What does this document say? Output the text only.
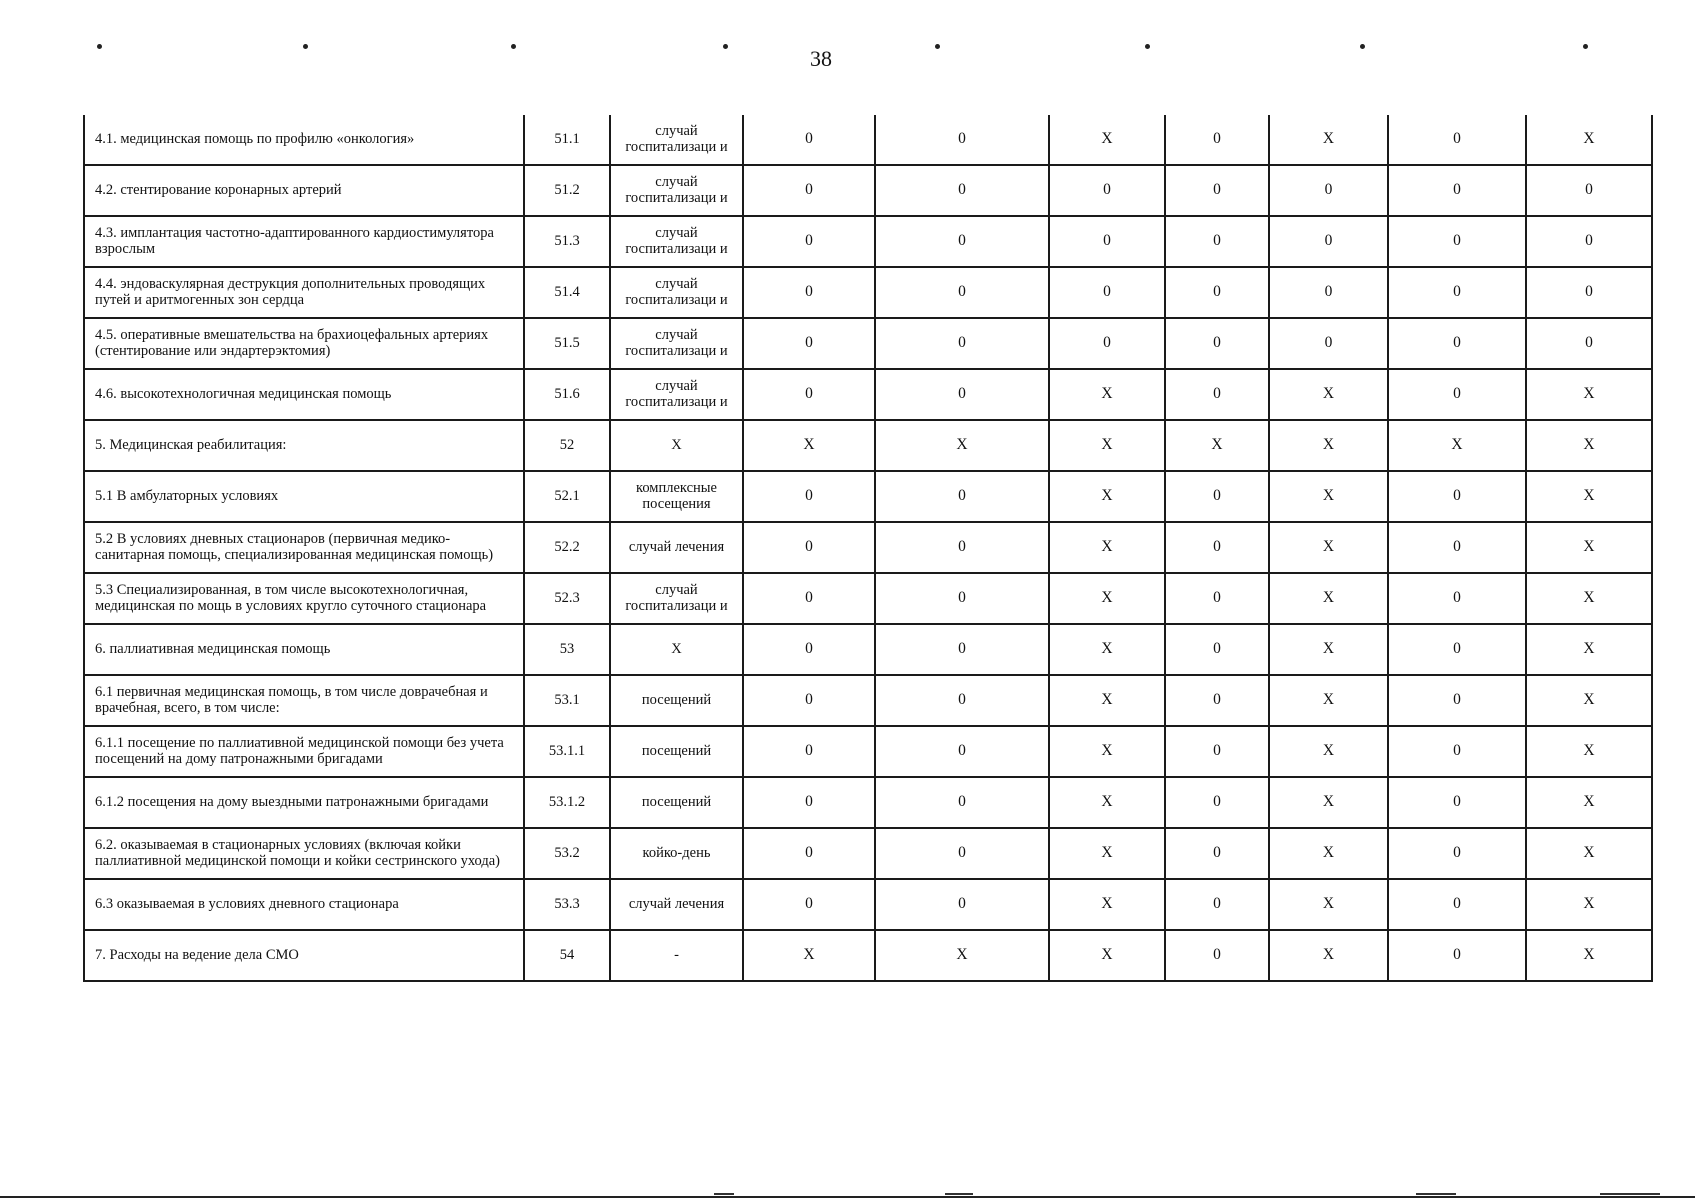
38
4.1. медицинская помощь по профилю «онкология»	51.1	случай госпитализаци и	0	0	X	0	X	0	X
4.2. стентирование коронарных артерий	51.2	случай госпитализаци и	0	0	0	0	0	0	0
4.3. имплантация частотно-адаптированного кардиостимулятора взрослым	51.3	случай госпитализаци и	0	0	0	0	0	0	0
4.4. эндоваскулярная деструкция дополнительных проводящих путей и аритмогенных зон сердца	51.4	случай госпитализаци и	0	0	0	0	0	0	0
4.5. оперативные вмешательства на брахиоцефальных артериях (стентирование или эндартерэктомия)	51.5	случай госпитализаци и	0	0	0	0	0	0	0
4.6. высокотехнологичная медицинская помощь	51.6	случай госпитализаци и	0	0	X	0	X	0	X
5. Медицинская реабилитация:	52	X	X	X	X	X	X	X	X
5.1 В амбулаторных условиях	52.1	комплексные посещения	0	0	X	0	X	0	X
5.2 В условиях дневных стационаров (первичная медико-санитарная помощь, специализированная медицинская помощь)	52.2	случай лечения	0	0	X	0	X	0	X
5.3 Специализированная, в том числе высокотехнологичная, медицинская по мощь в условиях кругло суточного стационара	52.3	случай госпитализаци и	0	0	X	0	X	0	X
6. паллиативная медицинская помощь	53	X	0	0	X	0	X	0	X
6.1 первичная медицинская помощь, в том числе доврачебная и врачебная, всего, в том числе:	53.1	посещений	0	0	X	0	X	0	X
6.1.1 посещение по паллиативной медицинской помощи без учета посещений на дому патронажными бригадами	53.1.1	посещений	0	0	X	0	X	0	X
6.1.2 посещения на дому выездными патронажными бригадами	53.1.2	посещений	0	0	X	0	X	0	X
6.2. оказываемая в стационарных условиях (включая койки паллиативной медицинской помощи и койки сестринского ухода)	53.2	койко-день	0	0	X	0	X	0	X
6.3 оказываемая в условиях дневного стационара	53.3	случай лечения	0	0	X	0	X	0	X
7. Расходы на ведение дела СМО	54	-	X	X	X	0	X	0	X
